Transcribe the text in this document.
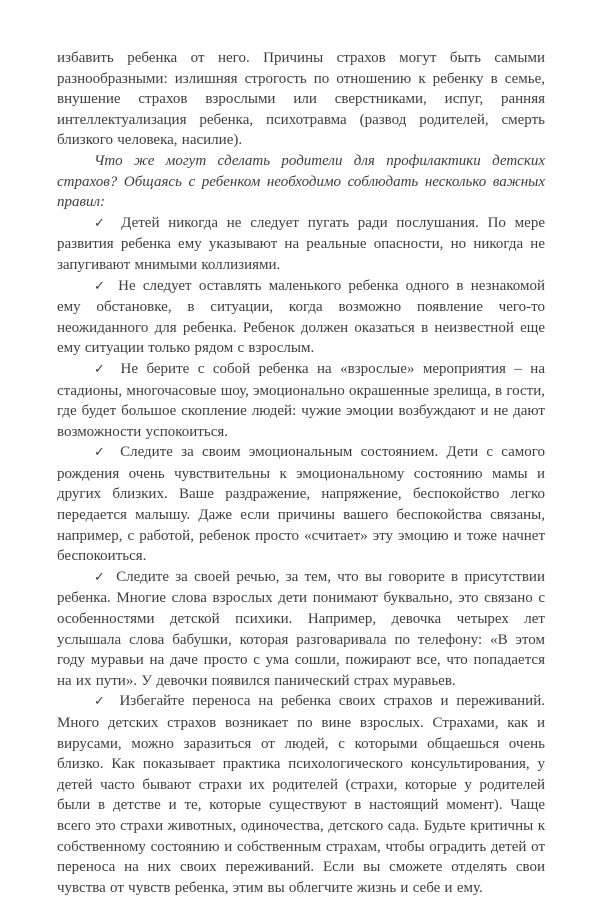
избавить ребенка от него. Причины страхов могут быть самыми разнообразными: излишняя строгость по отношению к ребенку в семье, внушение страхов взрослыми или сверстниками, испуг, ранняя интеллектуализация ребенка, психотравма (развод родителей, смерть близкого человека, насилие).

Что же могут сделать родители для профилактики детских страхов? Общаясь с ребенком необходимо соблюдать несколько важных правил:

✓ Детей никогда не следует пугать ради послушания. По мере развития ребенка ему указывают на реальные опасности, но никогда не запугивают мнимыми коллизиями.

✓ Не следует оставлять маленького ребенка одного в незнакомой ему обстановке, в ситуации, когда возможно появление чего-то неожиданного для ребенка. Ребенок должен оказаться в неизвестной еще ему ситуации только рядом с взрослым.

✓ Не берите с собой ребенка на «взрослые» мероприятия – на стадионы, многочасовые шоу, эмоционально окрашенные зрелища, в гости, где будет большое скопление людей: чужие эмоции возбуждают и не дают возможности успокоиться.

✓ Следите за своим эмоциональным состоянием. Дети с самого рождения очень чувствительны к эмоциональному состоянию мамы и других близких. Ваше раздражение, напряжение, беспокойство легко передается малышу. Даже если причины вашего беспокойства связаны, например, с работой, ребенок просто «считает» эту эмоцию и тоже начнет беспокоиться.

✓ Следите за своей речью, за тем, что вы говорите в присутствии ребенка. Многие слова взрослых дети понимают буквально, это связано с особенностями детской психики. Например, девочка четырех лет услышала слова бабушки, которая разговаривала по телефону: «В этом году муравьи на даче просто с ума сошли, пожирают все, что попадается на их пути». У девочки появился панический страх муравьев.

✓ Избегайте переноса на ребенка своих страхов и переживаний. Много детских страхов возникает по вине взрослых. Страхами, как и вирусами, можно заразиться от людей, с которыми общаешься очень близко. Как показывает практика психологического консультирования, у детей часто бывают страхи их родителей (страхи, которые у родителей были в детстве и те, которые существуют в настоящий момент). Чаще всего это страхи животных, одиночества, детского сада. Будьте критичны к собственному состоянию и собственным страхам, чтобы оградить детей от переноса на них своих переживаний. Если вы сможете отделять свои чувства от чувств ребенка, этим вы облегчите жизнь и себе и ему.
